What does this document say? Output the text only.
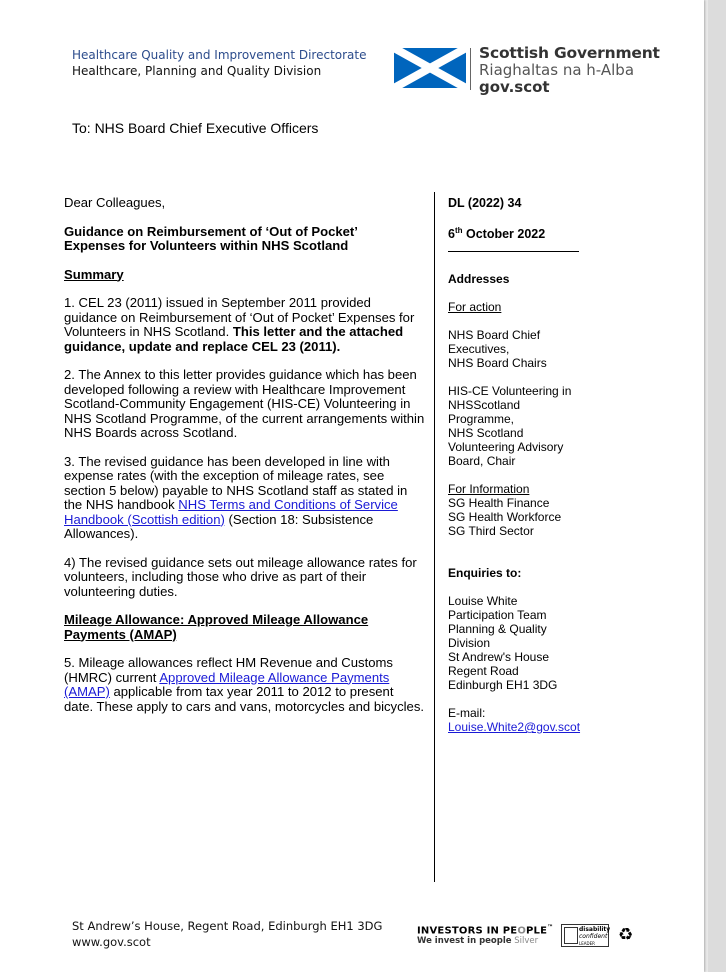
Healthcare Quality and Improvement Directorate
Healthcare, Planning and Quality Division
Scottish Government
Riaghaltas na h-Alba
gov.scot
To: NHS Board Chief Executive Officers

Dear Colleagues,

Guidance on Reimbursement of ‘Out of Pocket’
Expenses for Volunteers within NHS Scotland

Summary

1. CEL 23 (2011) issued in September 2011 provided guidance on Reimbursement of ‘Out of Pocket’ Expenses for Volunteers in NHS Scotland. This letter and the attached guidance, update and replace CEL 23 (2011).

2. The Annex to this letter provides guidance which has been developed following a review with Healthcare Improvement Scotland-Community Engagement (HIS-CE) Volunteering in NHS Scotland Programme, of the current arrangements within NHS Boards across Scotland.

3. The revised guidance has been developed in line with expense rates (with the exception of mileage rates, see section 5 below) payable to NHS Scotland staff as stated in the NHS handbook NHS Terms and Conditions of Service Handbook (Scottish edition) (Section 18: Subsistence Allowances).

4) The revised guidance sets out mileage allowance rates for volunteers, including those who drive as part of their volunteering duties.

Mileage Allowance: Approved Mileage Allowance Payments (AMAP)

5. Mileage allowances reflect HM Revenue and Customs (HMRC) current Approved Mileage Allowance Payments (AMAP) applicable from tax year 2011 to 2012 to present date. These apply to cars and vans, motorcycles and bicycles.

DL (2022) 34
6th October 2022
Addresses
For action
NHS Board Chief
Executives,
NHS Board Chairs
HIS-CE Volunteering in
NHSScotland
Programme,
NHS Scotland
Volunteering Advisory
Board, Chair
For Information
SG Health Finance
SG Health Workforce
SG Third Sector
Enquiries to:
Louise White
Participation Team
Planning & Quality
Division
St Andrew's House
Regent Road
Edinburgh EH1 3DG
E-mail:
Louise.White2@gov.scot
St Andrew’s House, Regent Road, Edinburgh EH1 3DG
www.gov.scot
INVESTORS IN PEOPLE™
We invest in people Silver
disability
confident
LEADER	♻
